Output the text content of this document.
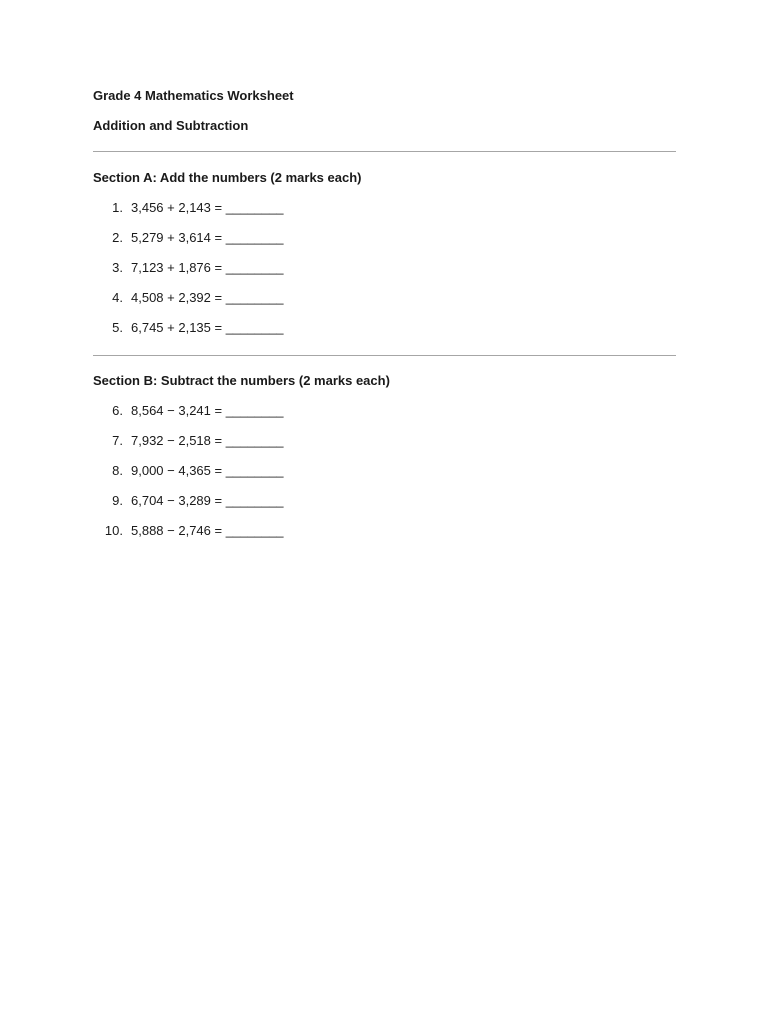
Grade 4 Mathematics Worksheet
Addition and Subtraction
Section A: Add the numbers (2 marks each)
1. 3,456 + 2,143 = ________
2. 5,279 + 3,614 = ________
3. 7,123 + 1,876 = ________
4. 4,508 + 2,392 = ________
5. 6,745 + 2,135 = ________
Section B: Subtract the numbers (2 marks each)
6. 8,564 − 3,241 = ________
7. 7,932 − 2,518 = ________
8. 9,000 − 4,365 = ________
9. 6,704 − 3,289 = ________
10. 5,888 − 2,746 = ________
